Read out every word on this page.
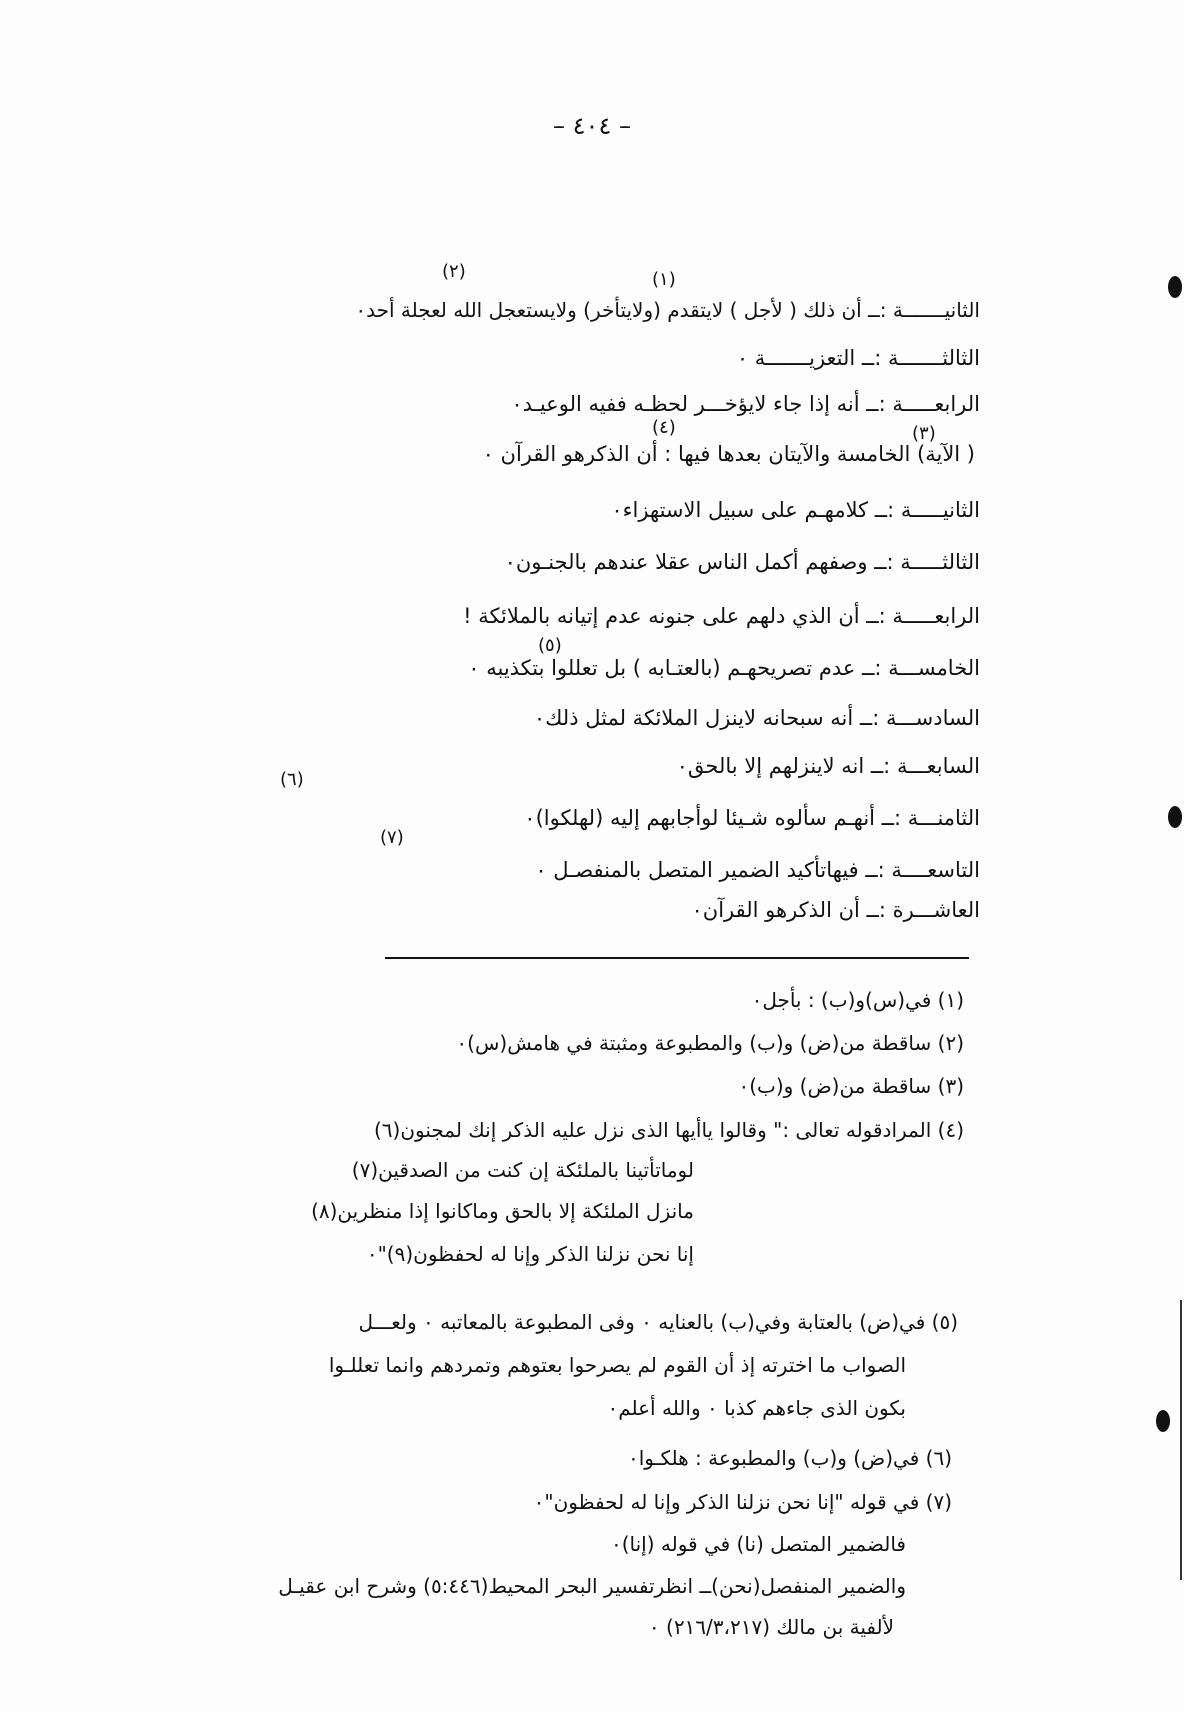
– ٤٠٤ –
الثانيـــــــة :ــ أن ذلك ( لأجل ) لايتقدم (ولايتأخر) ولايستعجل الله لعجلة أحد٠
الثالثـــــــة :ــ التعزيـــــــة ٠
الرابعـــــة :ــ أنه إذا جاء لايؤخـــر لحظـه ففيه الوعيـد٠
( الآية) الخامسة والآيتان بعدها فيها : أن الذكرهو القرآن ٠
الثانيـــــة :ــ كلامهـم على سبيل الاستهزاء٠
الثالثـــــة :ــ وصفهم أكمل الناس عقلا عندهم بالجنـون٠
الرابعـــــة :ــ أن الذي دلهم على جنونه عدم إتيانه بالملائكة !
الخامســـة :ــ عدم تصريحهـم (بالعتـابه ) بل تعللوا بتكذيبه ٠
السادســـة :ــ أنه سبحانه لاينزل الملائكة لمثل ذلك٠
السابعـــة :ــ انه لاينزلهم إلا بالحق٠
الثامنـــة :ــ أنهـم سألوه شـيئا لوأجابهم إليه (لهلكوا)٠
التاسعــــة :ــ فيهاتأكيد الضمير المتصل بالمنفصـل ٠
العاشـــرة :ــ أن الذكرهو القرآن٠
(١)
(٢)
(٣)
(٤)
(٥)
(٦)
(٧)
(١) في(س)و(ب) : بأجل٠
(٢) ساقطة من(ض) و(ب) والمطبوعة ومثبتة في هامش(س)٠
(٣) ساقطة من(ض) و(ب)٠
(٤) المرادقوله تعالى :" وقالوا ياأيها الذى نزل عليه الذكر إنك لمجنون(٦)
لوماتأتينا بالملئكة إن كنت من الصدقين(٧)
مانزل الملئكة إلا بالحق وماكانوا إذا منظرين(٨)
إنا نحن نزلنا الذكر وإنا له لحفظون(٩)"٠
(٥) في(ض) بالعتابة وفي(ب) بالعنايه ٠ وفى المطبوعة بالمعاتبه ٠ ولعـــل
الصواب ما اخترته إذ أن القوم لم يصرحوا بعتوهم وتمردهم وانما تعللـوا
بكون الذى جاءهم كذبا ٠ والله أعلم٠
(٦) في(ض) و(ب) والمطبوعة : هلكـوا٠
(٧) في قوله "إنا نحن نزلنا الذكر وإنا له لحفظون"٠
فالضمير المتصل (نا) في قوله (إنا)٠
والضمير المنفصل(نحن)ــ انظرتفسير البحر المحيط(٥:٤٤٦) وشرح ابن عقيـل
لألفية بن مالك (٢١٦/٣،٢١٧) ٠
